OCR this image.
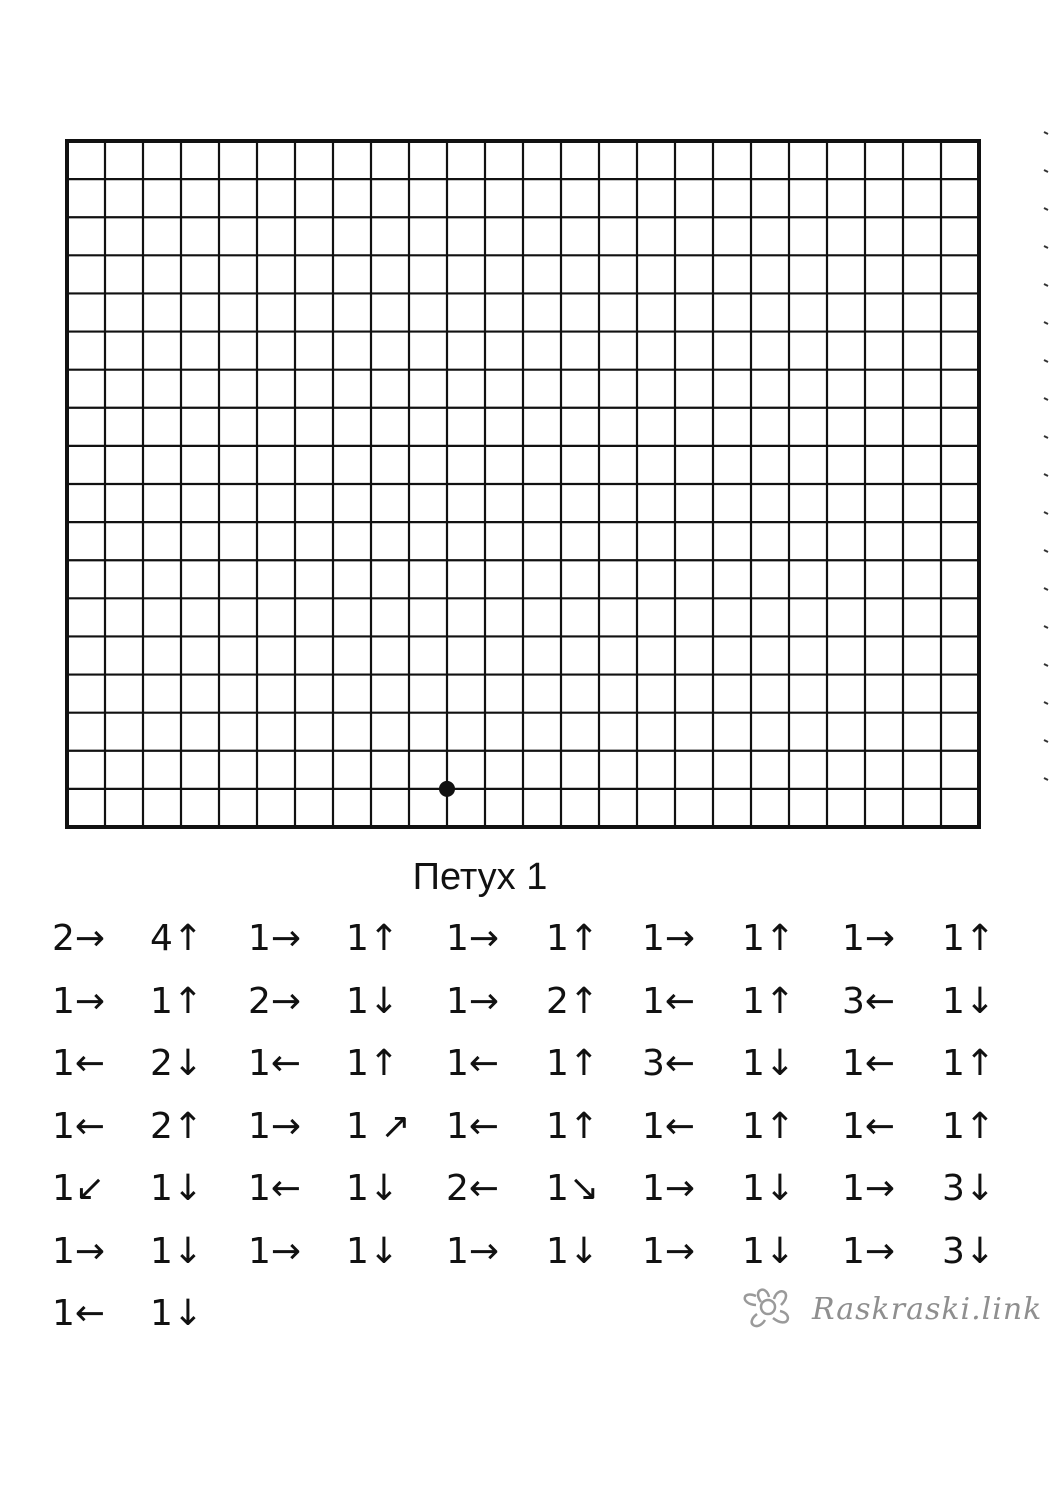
Петух 1
2→ 4↑ 1→ 1↑ 1→ 1↑ 1→ 1↑ 1→ 1↑
1→ 1↑ 2→ 1↓ 1→ 2↑ 1← 1↑ 3← 1↓
1← 2↓ 1← 1↑ 1← 1↑ 3← 1↓ 1← 1↑
1← 2↑ 1→ 1 ↗ 1← 1↑ 1← 1↑ 1← 1↑
1↙ 1↓ 1← 1↓ 2← 1↘ 1→ 1↓ 1→ 3↓
1→ 1↓ 1→ 1↓ 1→ 1↓ 1→ 1↓ 1→ 3↓
1← 1↓	Raskraski.link
